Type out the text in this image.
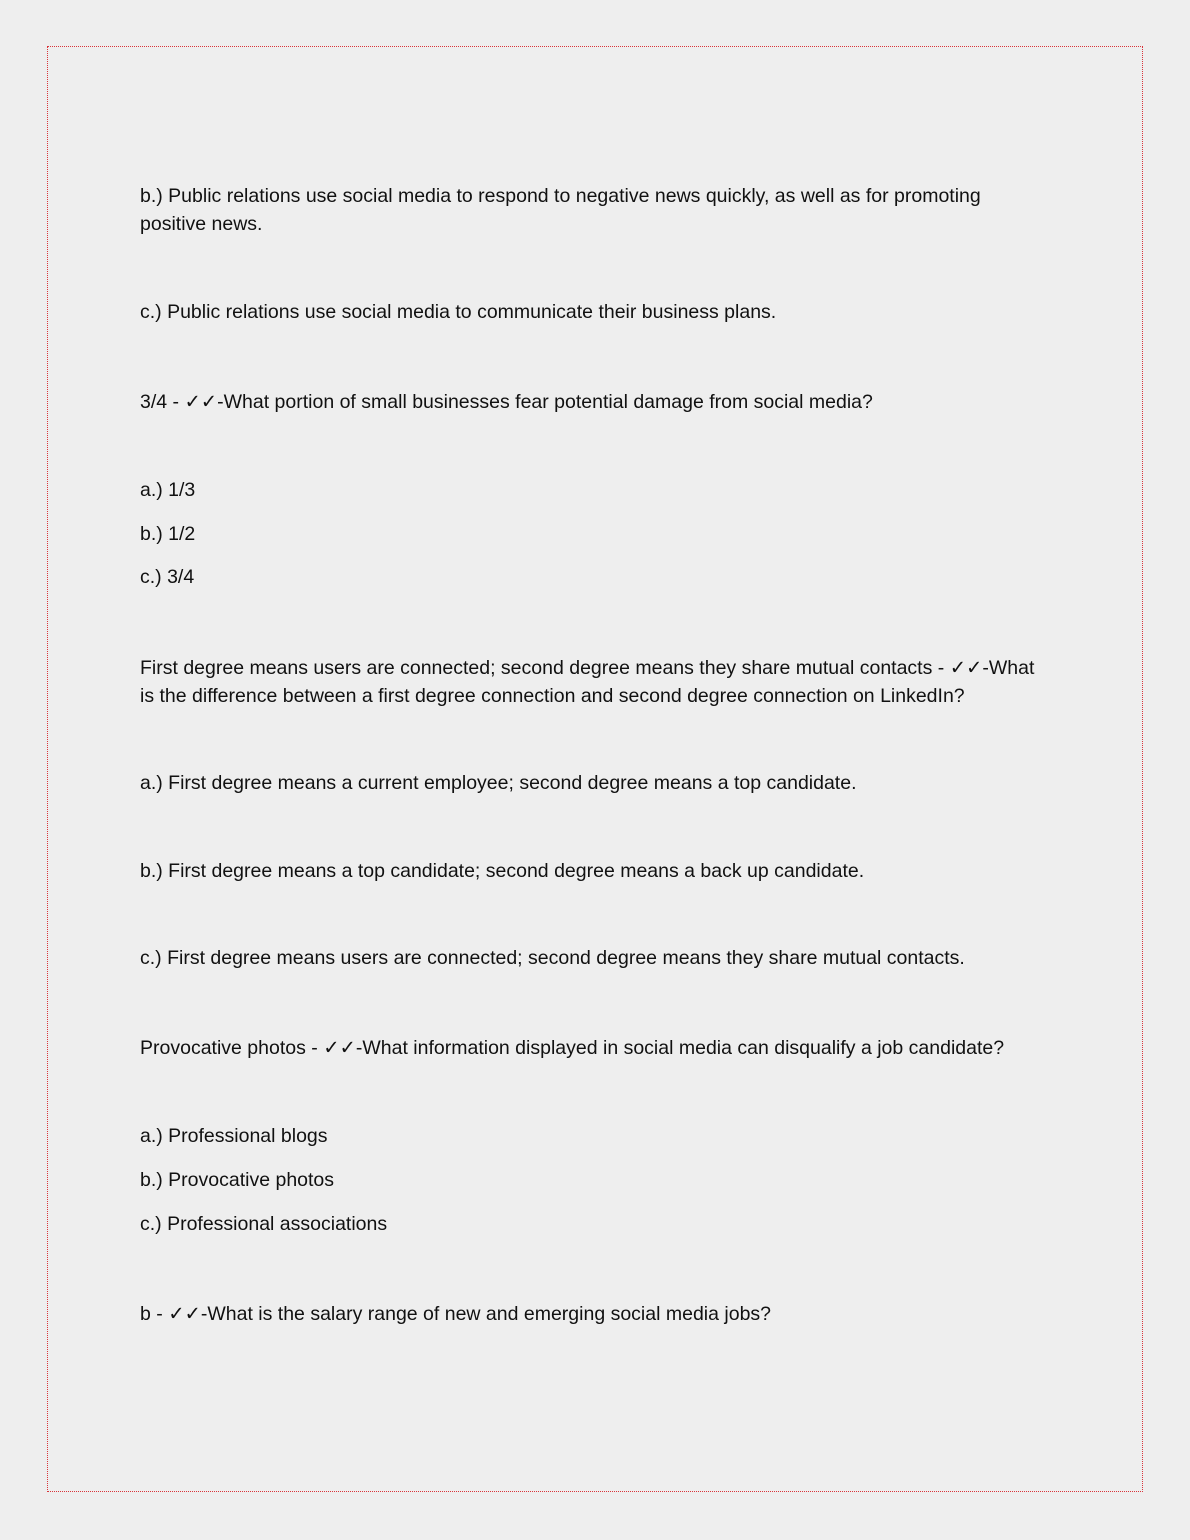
b.) Public relations use social media to respond to negative news quickly, as well as for promoting positive news.
c.) Public relations use social media to communicate their business plans.
3/4 - ✓✓-What portion of small businesses fear potential damage from social media?
a.) 1/3
b.) 1/2
c.) 3/4
First degree means users are connected; second degree means they share mutual contacts - ✓✓-What is the difference between a first degree connection and second degree connection on LinkedIn?
a.) First degree means a current employee; second degree means a top candidate.
b.) First degree means a top candidate; second degree means a back up candidate.
c.) First degree means users are connected; second degree means they share mutual contacts.
Provocative photos - ✓✓-What information displayed in social media can disqualify a job candidate?
a.) Professional blogs
b.) Provocative photos
c.) Professional associations
b - ✓✓-What is the salary range of new and emerging social media jobs?
